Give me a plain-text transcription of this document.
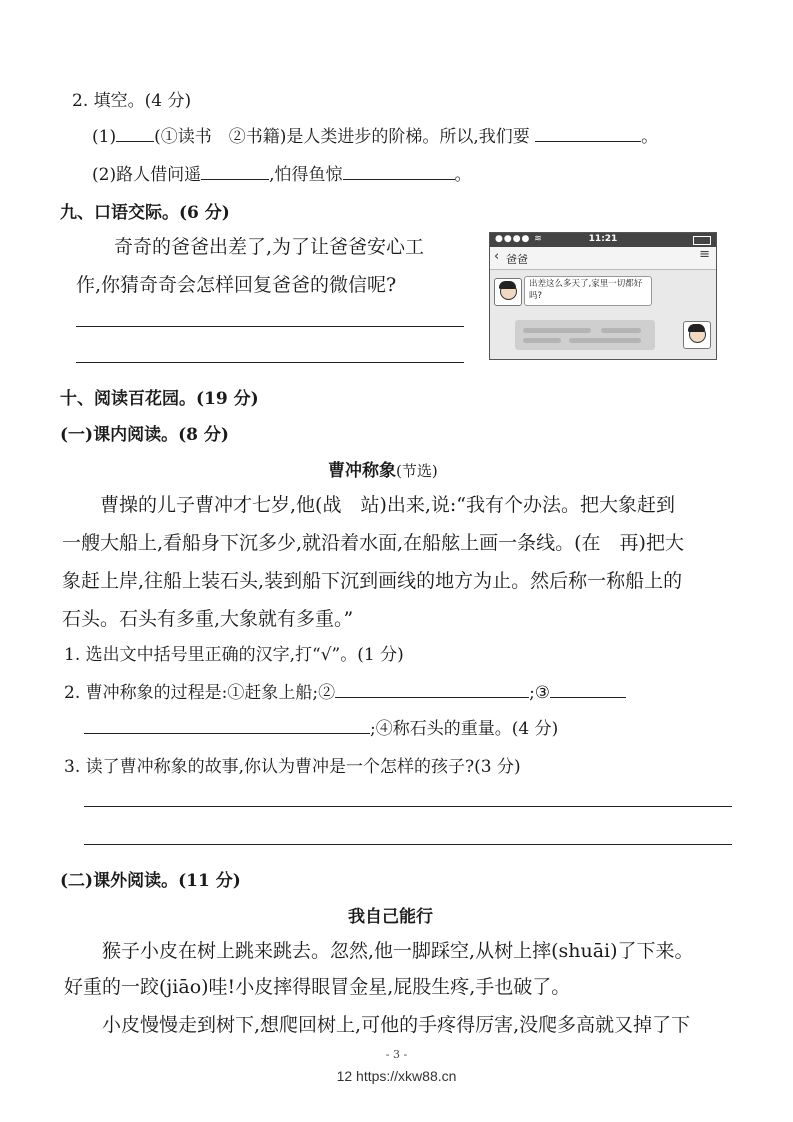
2. 填空。(4 分)
(1) (①读书　②书籍)是人类进步的阶梯。所以,我们要	。
(2)路人借问遥	,怕得鱼惊	。
九、口语交际。(6 分)
奇奇的爸爸出差了,为了让爸爸安心工
作,你猜奇奇会怎样回复爸爸的微信呢?
●●●● ≋	11:21
‹ 爸爸	≡
出差这么多天了,家里一切都好吗?
十、阅读百花园。(19 分)
(一)课内阅读。(8 分)
曹冲称象(节选)
　　曹操的儿子曹冲才七岁,他(战　站)出来,说:“我有个办法。把大象赶到
一艘大船上,看船身下沉多少,就沿着水面,在船舷上画一条线。(在　再)把大
象赶上岸,往船上装石头,装到船下沉到画线的地方为止。然后称一称船上的
石头。石头有多重,大象就有多重。”
1. 选出文中括号里正确的汉字,打“√”。(1 分)
2. 曹冲称象的过程是:①赶象上船;②	;③
;④称石头的重量。(4 分)
3. 读了曹冲称象的故事,你认为曹冲是一个怎样的孩子?(3 分)
(二)课外阅读。(11 分)
我自己能行
　　猴子小皮在树上跳来跳去。忽然,他一脚踩空,从树上摔(shuāi)了下来。
好重的一跤(jiāo)哇!小皮摔得眼冒金星,屁股生疼,手也破了。
　　小皮慢慢走到树下,想爬回树上,可他的手疼得厉害,没爬多高就又掉了下
- 3 -
12 https://xkw88.cn
